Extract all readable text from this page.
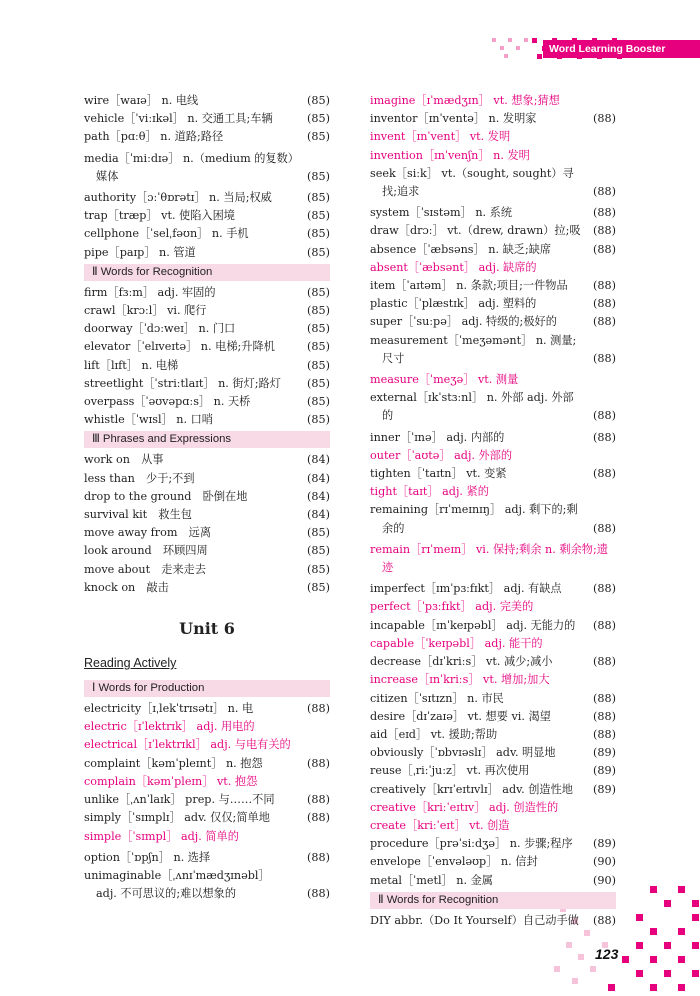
Word Learning Booster
123
wire［waɪə］ n. 电线	(85)
vehicle［ˈviːɪkəl］ n. 交通工具;车辆	(85)
path［pɑːθ］ n. 道路;路径	(85)
media［ˈmiːdɪə］ n.（medium 的复数）媒体	(85)
authority［ɔːˈθɒrətɪ］ n. 当局;权威	(85)
trap［træp］ vt. 使陷入困境	(85)
cellphone［ˈselˌfəʊn］ n. 手机	(85)
pipe［paɪp］ n. 管道	(85)
Ⅱ Words for Recognition
firm［fɜːm］ adj. 牢固的	(85)
crawl［krɔːl］ vi. 爬行	(85)
doorway［ˈdɔːweɪ］ n. 门口	(85)
elevator［ˈelɪveɪtə］ n. 电梯;升降机	(85)
lift［lɪft］ n. 电梯	(85)
streetlight［ˈstriːtlaɪt］ n. 街灯;路灯 (85)
overpass［ˈəʊvəpɑːs］ n. 天桥	(85)
whistle［ˈwɪsl］ n. 口哨	(85)
Ⅲ Phrases and Expressions
work on　从事	(84)
less than　少于;不到	(84)
drop to the ground　卧倒在地	(84)
survival kit　救生包	(84)
move away from　远离	(85)
look around　环顾四周	(85)
move about　走来走去	(85)
knock on　敲击	(85)
Unit 6
Reading Actively
Ⅰ Words for Production
electricity［ɪˌlekˈtrɪsətɪ］ n. 电	(88)
electric［ɪˈlektrɪk］ adj. 用电的
electrical［ɪˈlektrɪkl］ adj. 与电有关的
complaint［kəmˈpleɪnt］ n. 抱怨	(88)
complain［kəmˈpleɪn］ vt. 抱怨
unlike［ˌʌnˈlaɪk］ prep. 与……不同	(88)
simply［ˈsɪmplɪ］ adv. 仅仅;简单地	(88)
simple［ˈsɪmpl］ adj. 简单的
option［ˈɒpʃn］ n. 选择	(88)
unimaginable［ˌʌnɪˈmædʒɪnəbl］ adj. 不可思议的;难以想象的	(88)
imagine［ɪˈmædʒɪn］ vt. 想象;猜想
inventor［ɪnˈventə］ n. 发明家	(88)
invent［ɪnˈvent］ vt. 发明
invention［ɪnˈvenʃn］ n. 发明
seek［siːk］ vt.（sought, sought）寻找;追求	(88)
system［ˈsɪstəm］ n. 系统	(88)
draw［drɔː］ vt.（drew, drawn）拉;吸 (88)
absence［ˈæbsəns］ n. 缺乏;缺席	(88)
absent［ˈæbsənt］ adj. 缺席的
item［ˈaɪtəm］ n. 条款;项目;一件物品 (88)
plastic［ˈplæstɪk］ adj. 塑料的	(88)
super［ˈsuːpə］ adj. 特级的;极好的	(88)
measurement［ˈmeʒəmənt］ n. 测量;尺寸	(88)
measure［ˈmeʒə］ vt. 测量
external［ɪkˈstɜːnl］ n. 外部 adj. 外部的	(88)
inner［ˈɪnə］ adj. 内部的	(88)
outer［ˈaʊtə］ adj. 外部的
tighten［ˈtaɪtn］ vt. 变紧	(88)
tight［taɪt］ adj. 紧的
remaining［rɪˈmeɪnɪŋ］ adj. 剩下的;剩余的	(88)
remain［rɪˈmeɪn］ vi. 保持;剩余 n. 剩余物;遗迹
imperfect［ɪmˈpɜːfɪkt］ adj. 有缺点	(88)
perfect［ˈpɜːfɪkt］ adj. 完美的
incapable［ɪnˈkeɪpəbl］ adj. 无能力的 (88)
capable［ˈkeɪpəbl］ adj. 能干的
decrease［dɪˈkriːs］ vt. 减少;减小	(88)
increase［ɪnˈkriːs］ vt. 增加;加大
citizen［ˈsɪtɪzn］ n. 市民	(88)
desire［dɪˈzaɪə］ vt. 想要 vi. 渴望	(88)
aid［eɪd］ vt. 援助;帮助	(88)
obviously［ˈɒbvɪəslɪ］ adv. 明显地	(89)
reuse［ˌriːˈjuːz］ vt. 再次使用	(89)
creatively［krɪˈeɪtɪvlɪ］ adv. 创造性地 (89)
creative［kriːˈeɪtɪv］ adj. 创造性的
create［kriːˈeɪt］ vt. 创造
procedure［prəˈsiːdʒə］ n. 步骤;程序 (89)
envelope［ˈenvələʊp］ n. 信封	(90)
metal［ˈmetl］ n. 金属	(90)
Ⅱ Words for Recognition
DIY abbr.（Do It Yourself）自己动手做 (88)
